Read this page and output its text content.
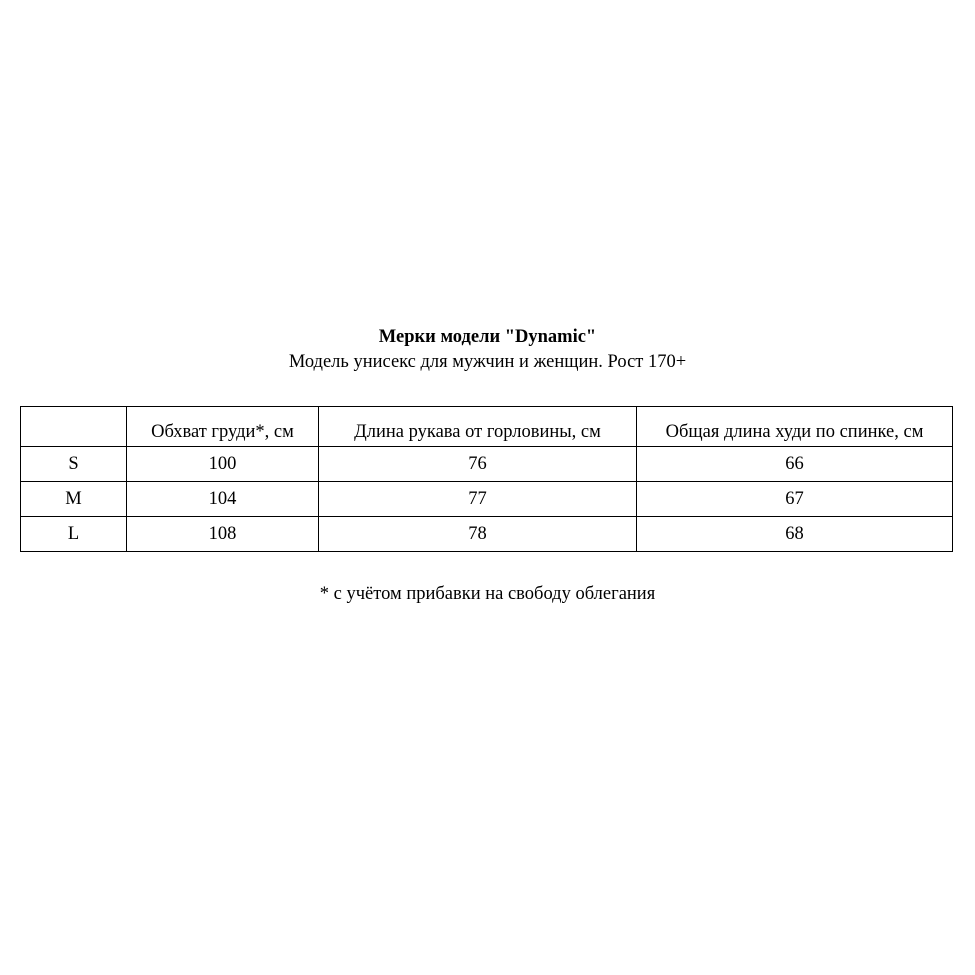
Мерки модели "Dynamic"
Модель унисекс для мужчин и женщин. Рост 170+
	Обхват груди*, см	Длина рукава от горловины, см	Общая длина худи по спинке, см
S	100	76	66
M	104	77	67
L	108	78	68
* с учётом прибавки на свободу облегания
